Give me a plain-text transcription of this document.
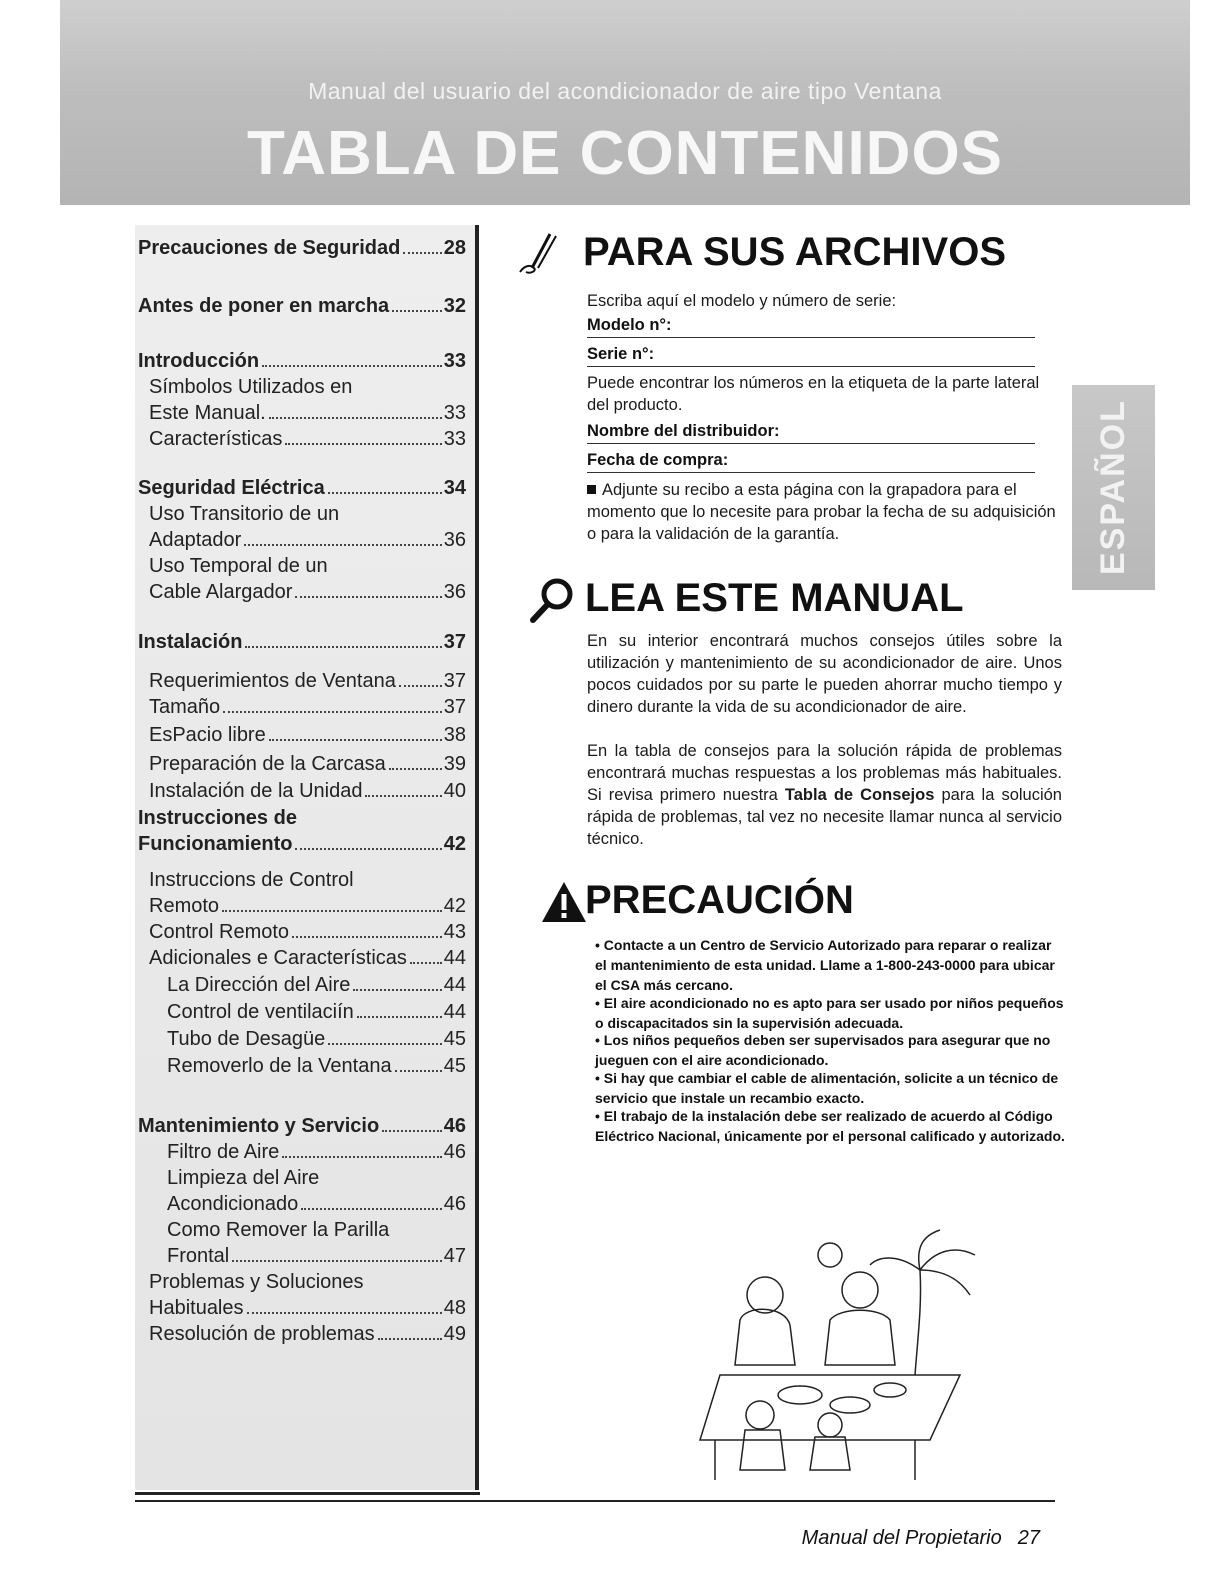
Manual del usuario del acondicionador de aire tipo Ventana
TABLA DE CONTENIDOS
Precauciones de Seguridad 28
Antes de poner en marcha	32
Introducción	33
Símbolos Utilizados en
Este Manual.	33
Características	33
Seguridad Eléctrica	34
Uso Transitorio de un
Adaptador	36
Uso Temporal de un
Cable Alargador	36
Instalación	37
Requerimientos de Ventana 37
Tamaño	37
EsPacio libre	38
Preparación de la Carcasa	39
Instalación de la Unidad	40
Instrucciones de
Funcionamiento	42
Instruccions de Control
Remoto	42
Control Remoto	43
Adicionales e Características 44
La Dirección del Aire	44
Control de ventilaciín	44
Tubo de Desagüe	45
Removerlo de la Ventana	45
Mantenimiento y Servicio	46
Filtro de Aire	46
Limpieza del Aire
Acondicionado	46
Como Remover la Parilla
Frontal	47
Problemas y Soluciones
Habituales	48
Resolución de problemas	49
PARA SUS ARCHIVOS
Escriba aquí el modelo y número de serie:
Modelo n°:
Serie n°:
Puede encontrar los números en la etiqueta de la parte lateral del producto.
Nombre del distribuidor:
Fecha de compra:
Adjunte su recibo a esta página con la grapadora para el momento que lo necesite para probar la fecha de su adquisición o para la validación de la garantía.
LEA ESTE MANUAL
En su interior encontrará muchos consejos útiles sobre la utilización y mantenimiento de su acondicionador de aire. Unos pocos cuidados por su parte le pueden ahorrar mucho tiempo y dinero durante la vida de su acondicionador de aire.
En la tabla de consejos para la solución rápida de problemas encontrará muchas respuestas a los problemas más habituales. Si revisa primero nuestra Tabla de Consejos para la solución rápida de problemas, tal vez no necesite llamar nunca al servicio técnico.
PRECAUCIÓN
• Contacte a un Centro de Servicio Autorizado para reparar o realizar el mantenimiento de esta unidad. Llame a 1-800-243-0000 para ubicar el CSA más cercano.
• El aire acondicionado no es apto para ser usado por niños pequeños o discapacitados sin la supervisión adecuada.
• Los niños pequeños deben ser supervisados para asegurar que no jueguen con el aire acondicionado.
• Si hay que cambiar el cable de alimentación, solicite a un técnico de servicio que instale un recambio exacto.
• El trabajo de la instalación debe ser realizado de acuerdo al Código Eléctrico Nacional, únicamente por el personal calificado y autorizado.
ESPAÑOL
Manual del Propietario 27
